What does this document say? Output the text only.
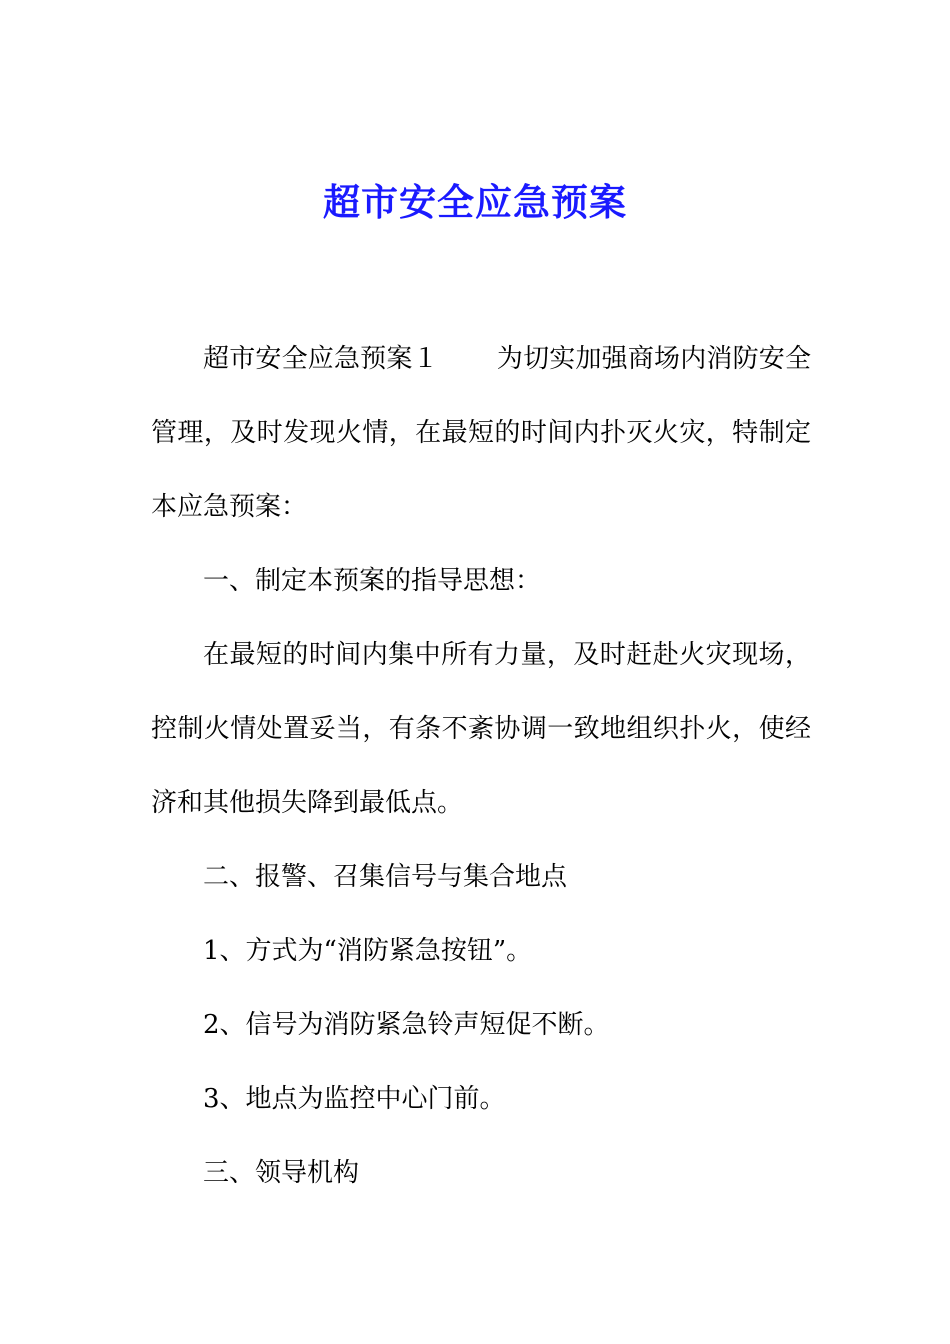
超市安全应急预案

超市安全应急预案１ 为切实加强商场内消防安全管理，及时发现火情，在最短的时间内扑灭火灾，特制定本应急预案：

一、制定本预案的指导思想：

在最短的时间内集中所有力量，及时赶赴火灾现场，控制火情处置妥当，有条不紊协调一致地组织扑火，使经济和其他损失降到最低点。

二、报警、召集信号与集合地点

1、方式为“消防紧急按钮”。

2、信号为消防紧急铃声短促不断。

3、地点为监控中心门前。

三、领导机构
